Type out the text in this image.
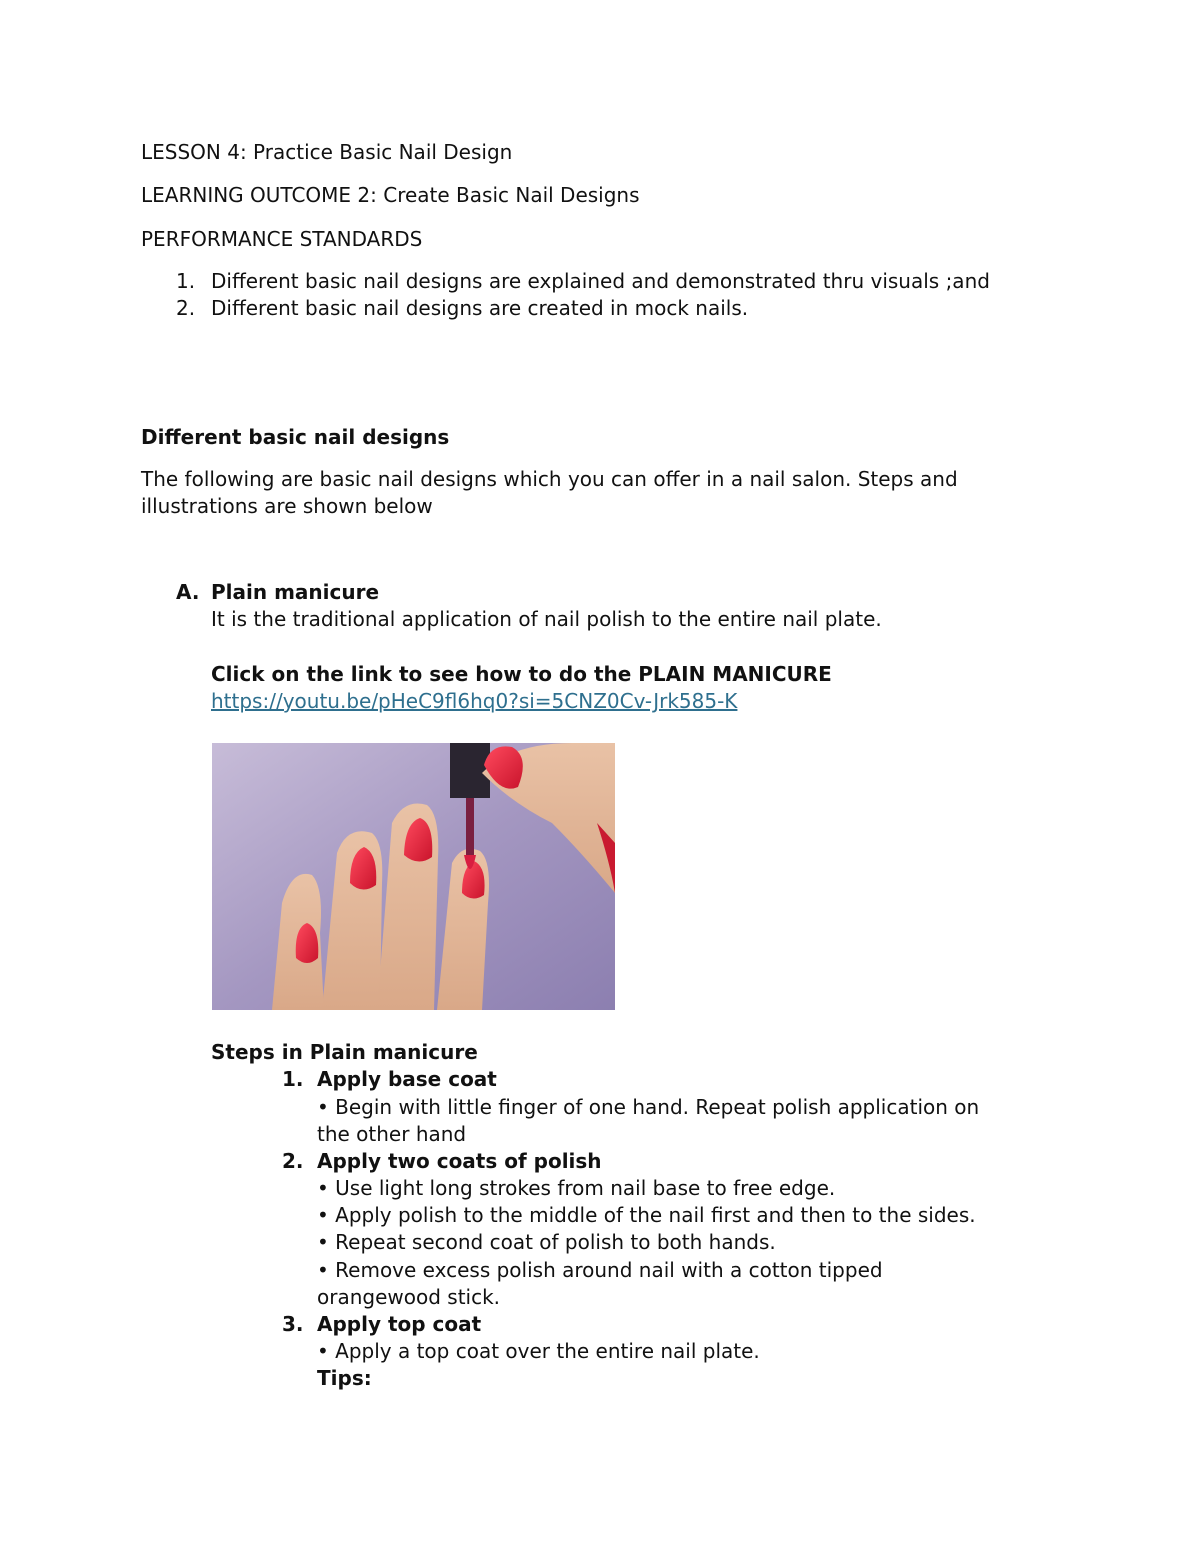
LESSON 4: Practice Basic Nail Design
LEARNING OUTCOME 2: Create Basic Nail Designs
PERFORMANCE STANDARDS
1. Different basic nail designs are explained and demonstrated thru visuals ;and
2. Different basic nail designs are created in mock nails.
Different basic nail designs
The following are basic nail designs which you can offer in a nail salon. Steps and
illustrations are shown below
A. Plain manicure
It is the traditional application of nail polish to the entire nail plate.
Click on the link to see how to do the PLAIN MANICURE
https://youtu.be/pHeC9fl6hq0?si=5CNZ0Cv-Jrk585-K
Steps in Plain manicure
1. Apply base coat
• Begin with little finger of one hand. Repeat polish application on
the other hand
2. Apply two coats of polish
• Use light long strokes from nail base to free edge.
• Apply polish to the middle of the nail first and then to the sides.
• Repeat second coat of polish to both hands.
• Remove excess polish around nail with a cotton tipped
orangewood stick.
3. Apply top coat
• Apply a top coat over the entire nail plate.
Tips:
